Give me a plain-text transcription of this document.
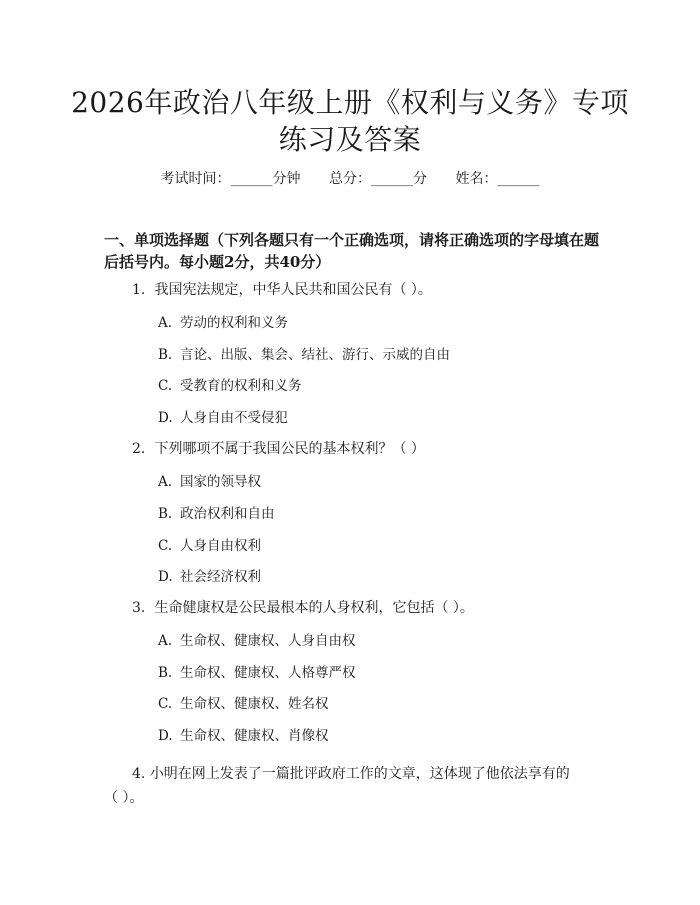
2026年政治八年级上册《权利与义务》专项
练习及答案
考试时间：______分钟 总分：______分 姓名：______
一、单项选择题（下列各题只有一个正确选项，请将正确选项的字母填在题后括号内。每小题2分，共40分）
1. 我国宪法规定，中华人民共和国公民有（ ）。
A. 劳动的权利和义务
B. 言论、出版、集会、结社、游行、示威的自由
C. 受教育的权利和义务
D. 人身自由不受侵犯
2. 下列哪项不属于我国公民的基本权利？（ ）
A. 国家的领导权
B. 政治权利和自由
C. 人身自由权利
D. 社会经济权利
3. 生命健康权是公民最根本的人身权利，它包括（ ）。
A. 生命权、健康权、人身自由权
B. 生命权、健康权、人格尊严权
C. 生命权、健康权、姓名权
D. 生命权、健康权、肖像权
4. 小明在网上发表了一篇批评政府工作的文章，这体现了他依法享有的
（ ）。
